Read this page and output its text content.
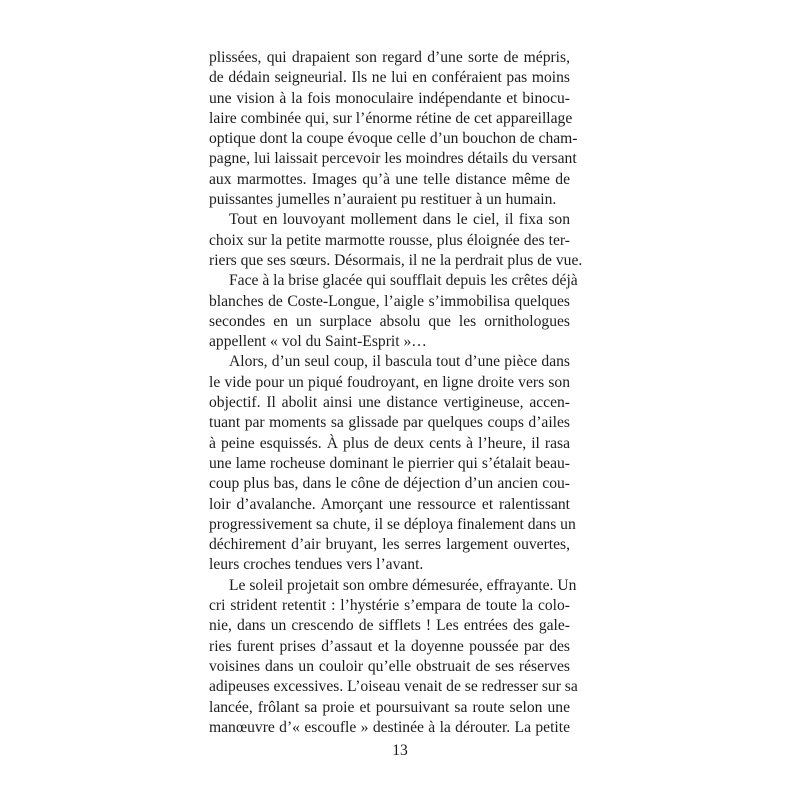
plissées, qui drapaient son regard d’une sorte de mépris,
de dédain seigneurial. Ils ne lui en conféraient pas moins
une vision à la fois monoculaire indépendante et binocu-
laire combinée qui, sur l’énorme rétine de cet appareillage
optique dont la coupe évoque celle d’un bouchon de cham-
pagne, lui laissait percevoir les moindres détails du versant
aux marmottes. Images qu’à une telle distance même de
puissantes jumelles n’auraient pu restituer à un humain.
Tout en louvoyant mollement dans le ciel, il fixa son
choix sur la petite marmotte rousse, plus éloignée des ter-
riers que ses sœurs. Désormais, il ne la perdrait plus de vue.
Face à la brise glacée qui soufflait depuis les crêtes déjà
blanches de Coste-Longue, l’aigle s’immobilisa quelques
secondes en un surplace absolu que les ornithologues
appellent « vol du Saint-Esprit »…
Alors, d’un seul coup, il bascula tout d’une pièce dans
le vide pour un piqué foudroyant, en ligne droite vers son
objectif. Il abolit ainsi une distance vertigineuse, accen-
tuant par moments sa glissade par quelques coups d’ailes
à peine esquissés. À plus de deux cents à l’heure, il rasa
une lame rocheuse dominant le pierrier qui s’étalait beau-
coup plus bas, dans le cône de déjection d’un ancien cou-
loir d’avalanche. Amorçant une ressource et ralentissant
progressivement sa chute, il se déploya finalement dans un
déchirement d’air bruyant, les serres largement ouvertes,
leurs croches tendues vers l’avant.
Le soleil projetait son ombre démesurée, effrayante. Un
cri strident retentit : l’hystérie s’empara de toute la colo-
nie, dans un crescendo de sifflets ! Les entrées des gale-
ries furent prises d’assaut et la doyenne poussée par des
voisines dans un couloir qu’elle obstruait de ses réserves
adipeuses excessives. L’oiseau venait de se redresser sur sa
lancée, frôlant sa proie et poursuivant sa route selon une
manœuvre d’« escoufle » destinée à la dérouter. La petite
13
